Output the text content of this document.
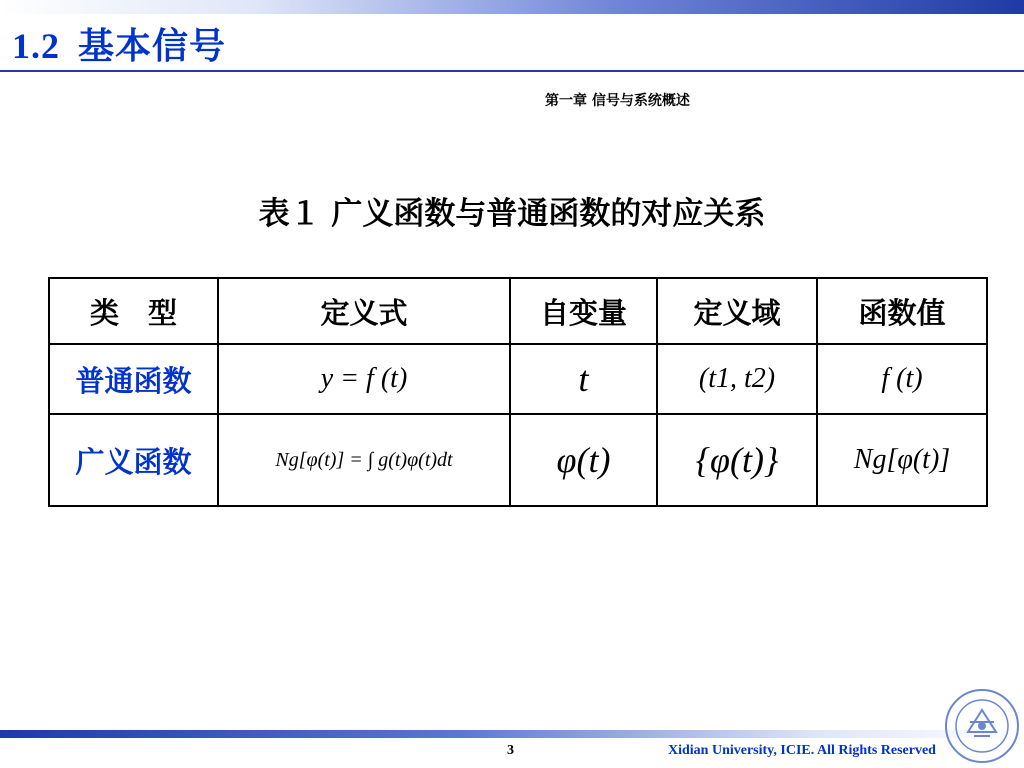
1.2 基本信号
第一章 信号与系统概述
表１ 广义函数与普通函数的对应关系
类　型	定义式	自变量	定义域	函数值
普通函数	y = f (t)	t	(t1, t2)	f (t)
广义函数	Ng[φ(t)] = ∫ g(t)φ(t)dt	φ(t)	{φ(t)}	Ng[φ(t)]
3	Xidian University, ICIE. All Rights Reserved
